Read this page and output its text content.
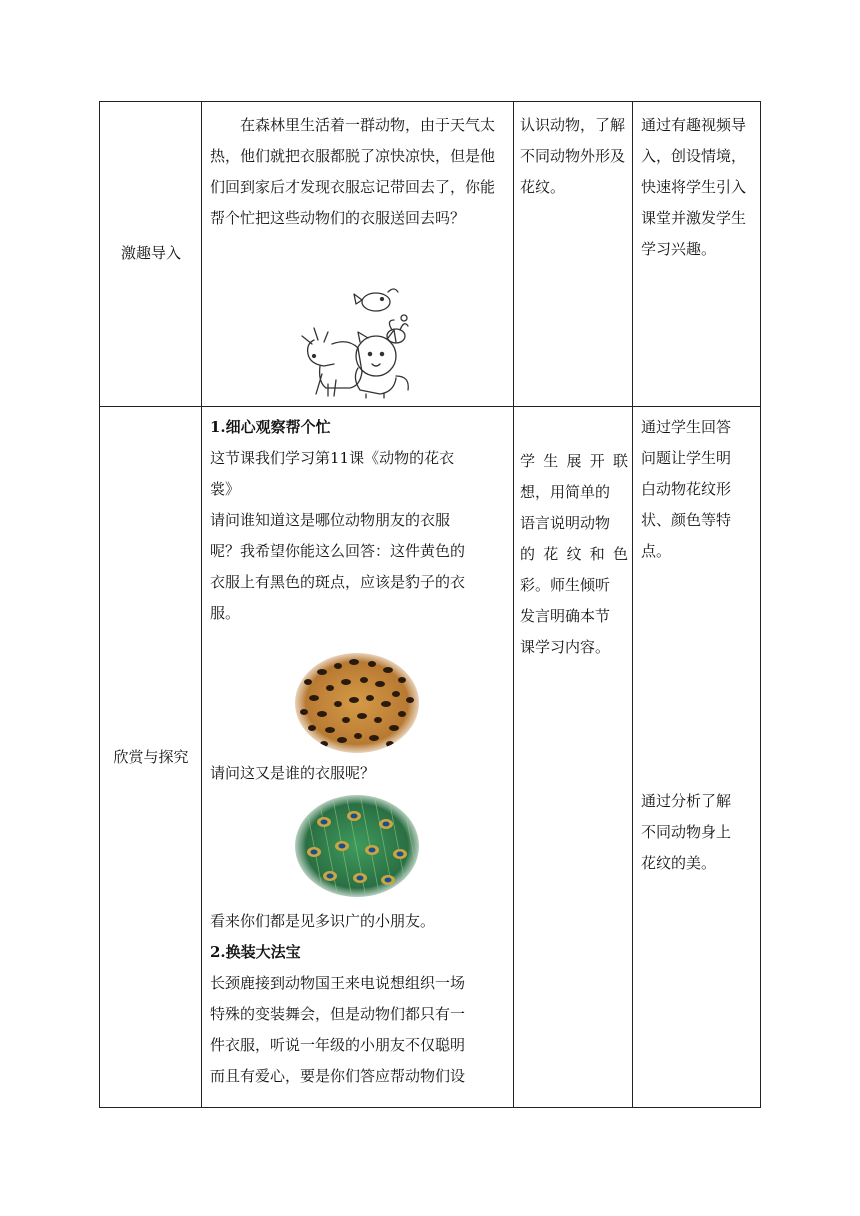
激趣导入

在森林里生活着一群动物，由于天气太热，他们就把衣服都脱了凉快凉快，但是他们回到家后才发现衣服忘记带回去了，你能帮个忙把这些动物们的衣服送回去吗？

认识动物，了解不同动物外形及花纹。

通过有趣视频导入，创设情境，快速将学生引入课堂并激发学生学习兴趣。

欣赏与探究
1.细心观察帮个忙
这节课我们学习第11课《动物的花衣
裳》
请问谁知道这是哪位动物朋友的衣服
呢？我希望你能这么回答：这件黄色的
衣服上有黑色的斑点，应该是豹子的衣
服。
请问这又是谁的衣服呢？
看来你们都是见多识广的小朋友。
2.换装大法宝
长颈鹿接到动物国王来电说想组织一场
特殊的变装舞会，但是动物们都只有一
件衣服，听说一年级的小朋友不仅聪明
而且有爱心，要是你们答应帮动物们设
学生展开联
想，用简单的
语言说明动物
的花纹和色
彩。师生倾听
发言明确本节
课学习内容。
通过学生回答
问题让学生明
白动物花纹形
状、颜色等特
点。
通过分析了解
不同动物身上
花纹的美。
